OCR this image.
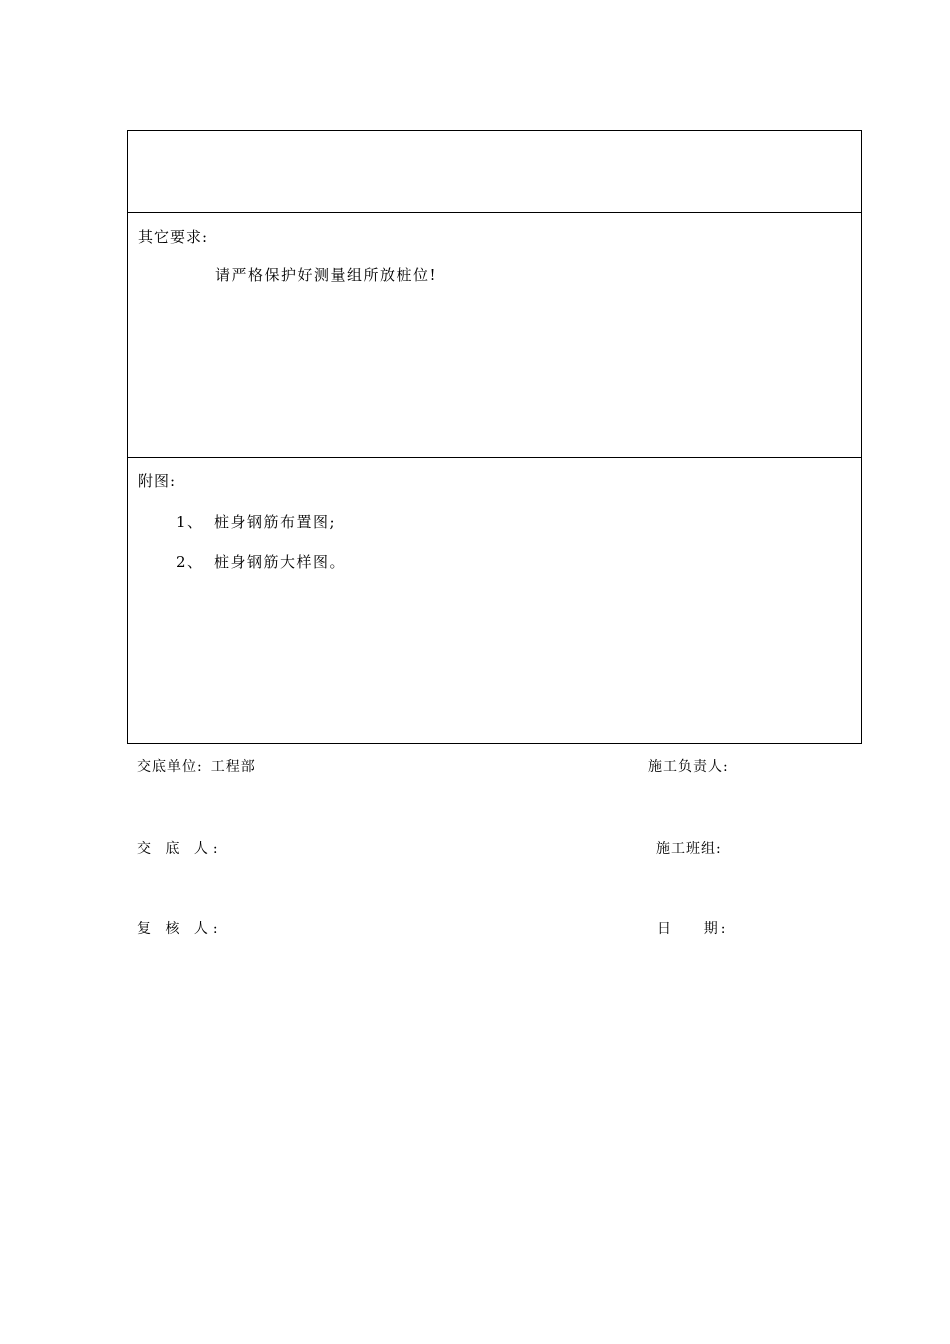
其它要求:
请严格保护好测量组所放桩位!
附图:
1、 桩身钢筋布置图;
2、 桩身钢筋大样图。
交底单位: 工程部	施工负责人:
交 底 人:	施工班组:
复 核 人:	日    期:
